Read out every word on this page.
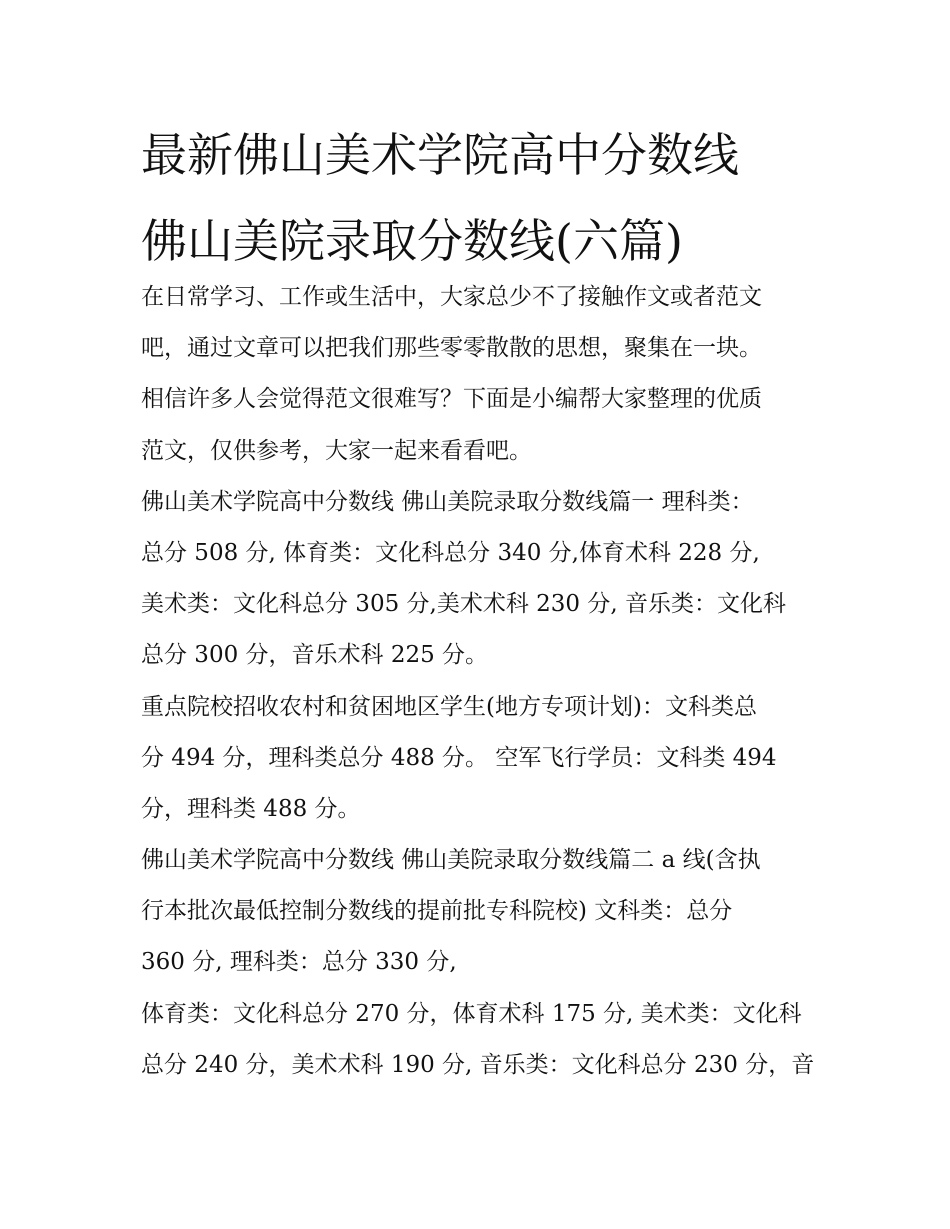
最新佛山美术学院高中分数线
佛山美院录取分数线(六篇)
在日常学习、工作或生活中，大家总少不了接触作文或者范文
吧，通过文章可以把我们那些零零散散的思想，聚集在一块。
相信许多人会觉得范文很难写？下面是小编帮大家整理的优质
范文，仅供参考，大家一起来看看吧。
佛山美术学院高中分数线 佛山美院录取分数线篇一 理科类：
总分 508 分, 体育类：文化科总分 340 分,体育术科 228 分,
美术类：文化科总分 305 分,美术术科 230 分, 音乐类：文化科
总分 300 分，音乐术科 225 分。
重点院校招收农村和贫困地区学生(地方专项计划)：文科类总
分 494 分，理科类总分 488 分。 空军飞行学员：文科类 494
分，理科类 488 分。
佛山美术学院高中分数线 佛山美院录取分数线篇二 a 线(含执
行本批次最低控制分数线的提前批专科院校) 文科类：总分
360 分, 理科类：总分 330 分,
体育类：文化科总分 270 分，体育术科 175 分, 美术类：文化科
总分 240 分，美术术科 190 分, 音乐类：文化科总分 230 分，音
